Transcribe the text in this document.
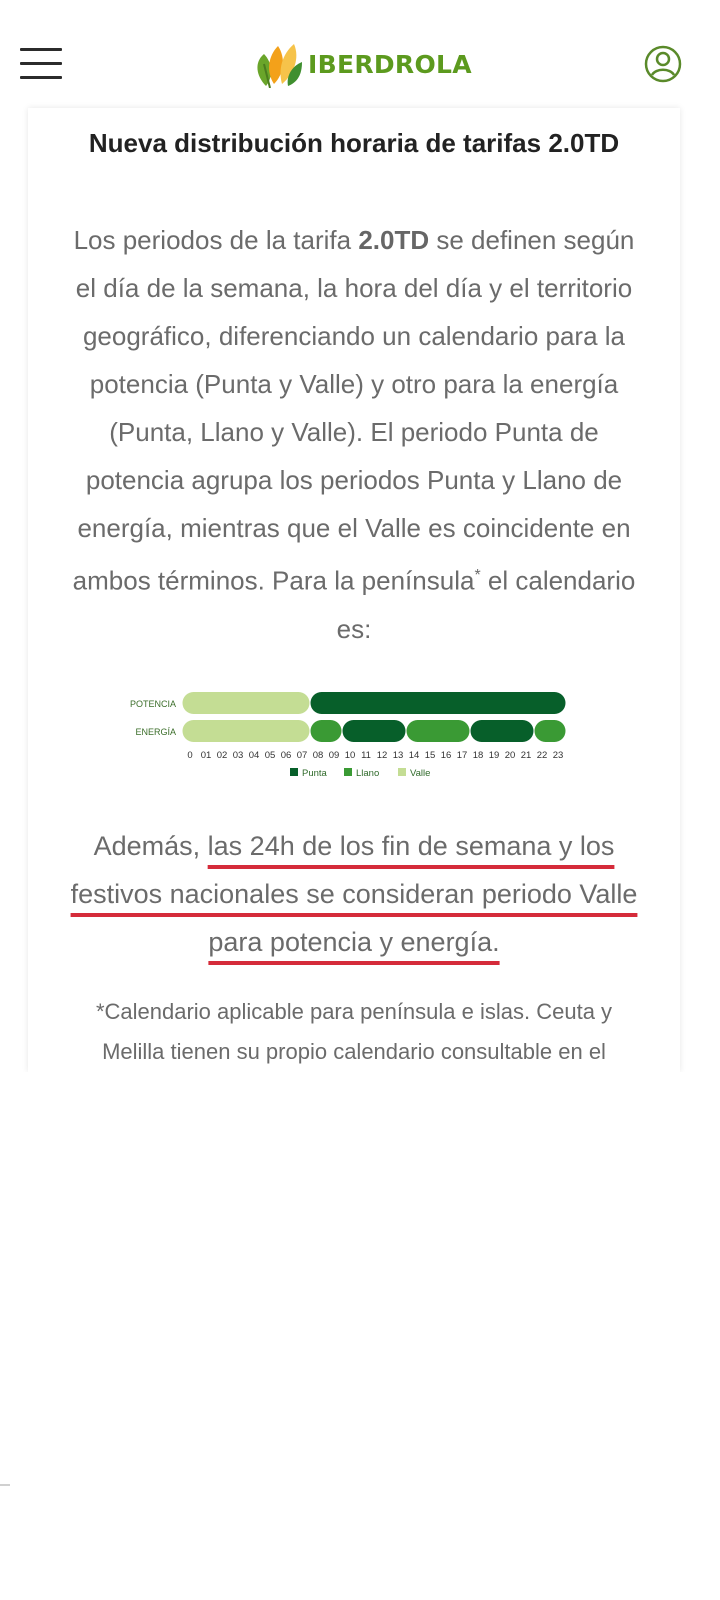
IBERDROLA
Nueva distribución horaria de tarifas 2.0TD
Los periodos de la tarifa 2.0TD se definen según el día de la semana, la hora del día y el territorio geográfico, diferenciando un calendario para la potencia (Punta y Valle) y otro para la energía (Punta, Llano y Valle). El periodo Punta de potencia agrupa los periodos Punta y Llano de energía, mientras que el Valle es coincidente en ambos términos. Para la península* el calendario es:
POTENCIA
ENERGÍA
0 01 02 03 04 05 06 07 08 09 10 11 12 13 14 15 16 17 18 19 20 21 22 23
Punta	Llano	Valle
Además, las 24h de los fin de semana y los festivos nacionales se consideran periodo Valle para potencia y energía.
*Calendario aplicable para península e islas. Ceuta y Melilla tienen su propio calendario consultable en el
